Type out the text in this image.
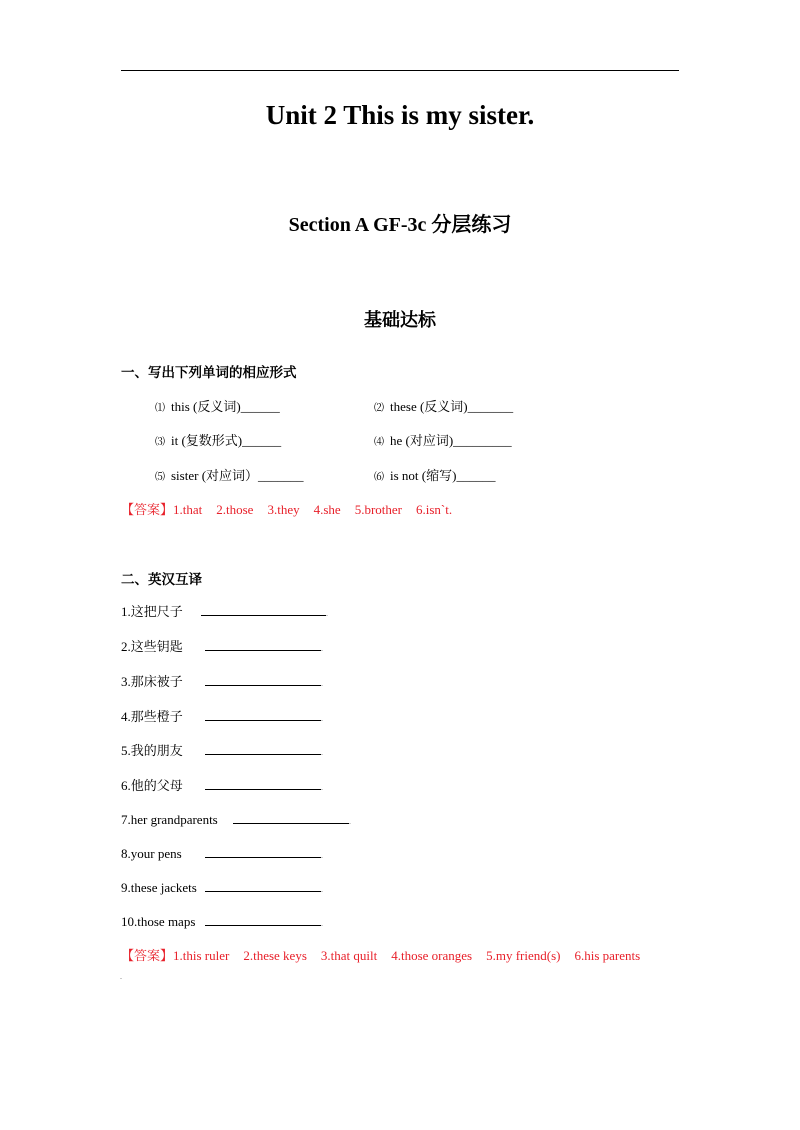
Unit 2 This is my sister.
Section A GF-3c 分层练习
基础达标
一、写出下列单词的相应形式
⑴ this (反义词)______	⑵ these (反义词)_______
⑶ it (复数形式)______	⑷ he (对应词)_________
⑸ sister (对应词）_______	⑹ is not (缩写)______
【答案】1.that 2.those 3.they 4.she 5.brother 6.isn`t.
二、英汉互译
1.这把尺子	.
2.这些钥匙	.
3.那床被子	.
4.那些橙子	.
5.我的朋友	.
6.他的父母	.
7.her grandparents	.
8.your pens	.
9.these jackets	.
10.those maps	.
【答案】1.this ruler 2.these keys 3.that quilt 4.those oranges 5.my friend(s) 6.his parents
.
